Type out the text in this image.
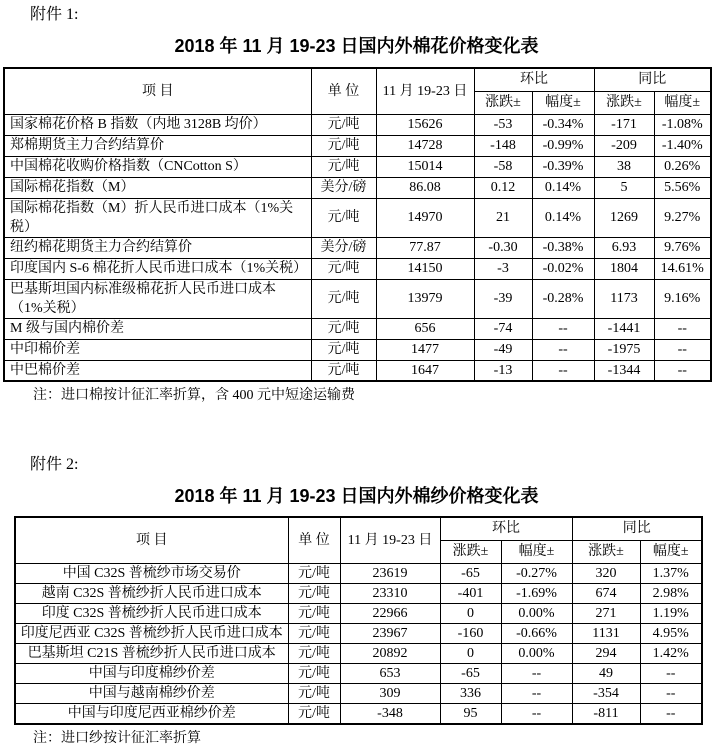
附件 1:
2018 年 11 月 19-23 日国内外棉花价格变化表
项 目	单 位	11 月 19-23 日	环比		同比	
			涨跌±	幅度±	涨跌±	幅度±
国家棉花价格 B 指数（内地 3128B 均价）	元/吨	15626	-53	-0.34%	-171	-1.08%
郑棉期货主力合约结算价	元/吨	14728	-148	-0.99%	-209	-1.40%
中国棉花收购价格指数（CNCotton S）	元/吨	15014	-58	-0.39%	38	0.26%
国际棉花指数（M）	美分/磅	86.08	0.12	0.14%	5	5.56%
国际棉花指数（M）折人民币进口成本（1%关税）	元/吨	14970	21	0.14%	1269	9.27%
纽约棉花期货主力合约结算价	美分/磅	77.87	-0.30	-0.38%	6.93	9.76%
印度国内 S-6 棉花折人民币进口成本（1%关税）	元/吨	14150	-3	-0.02%	1804	14.61%
巴基斯坦国内标准级棉花折人民币进口成本（1%关税）	元/吨	13979	-39	-0.28%	1173	9.16%
M 级与国内棉价差	元/吨	656	-74	--	-1441	--
中印棉价差	元/吨	1477	-49	--	-1975	--
中巴棉价差	元/吨	1647	-13	--	-1344	--
注：进口棉按计征汇率折算，含 400 元中短途运输费
附件 2:
2018 年 11 月 19-23 日国内外棉纱价格变化表
项 目	单 位	11 月 19-23 日	环比		同比	
			涨跌±	幅度±	涨跌±	幅度±
中国 C32S 普梳纱市场交易价	元/吨	23619	-65	-0.27%	320	1.37%
越南 C32S 普梳纱折人民币进口成本	元/吨	23310	-401	-1.69%	674	2.98%
印度 C32S 普梳纱折人民币进口成本	元/吨	22966	0	0.00%	271	1.19%
印度尼西亚 C32S 普梳纱折人民币进口成本	元/吨	23967	-160	-0.66%	1131	4.95%
巴基斯坦 C21S 普梳纱折人民币进口成本	元/吨	20892	0	0.00%	294	1.42%
中国与印度棉纱价差	元/吨	653	-65	--	49	--
中国与越南棉纱价差	元/吨	309	336	--	-354	--
中国与印度尼西亚棉纱价差	元/吨	-348	95	--	-811	--
注：进口纱按计征汇率折算
